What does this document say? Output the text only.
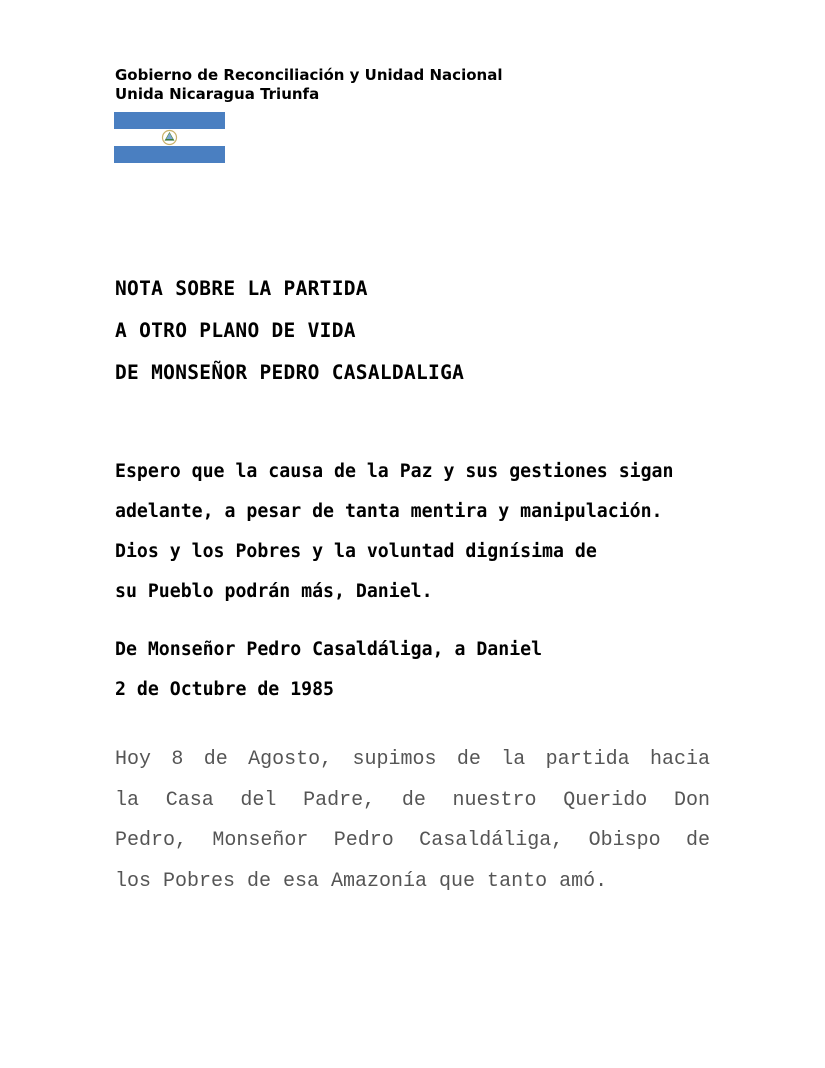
Gobierno de Reconciliación y Unidad Nacional
Unida Nicaragua Triunfa
NOTA SOBRE LA PARTIDA
A OTRO PLANO DE VIDA
DE MONSEÑOR PEDRO CASALDALIGA
Espero que la causa de la Paz y sus gestiones sigan
adelante, a pesar de tanta mentira y manipulación.
Dios y los Pobres y la voluntad dignísima de
su Pueblo podrán más, Daniel.
De Monseñor Pedro Casaldáliga, a Daniel
2 de Octubre de 1985
Hoy 8 de Agosto, supimos de la partida hacia
la Casa del Padre, de nuestro Querido Don
Pedro, Monseñor Pedro Casaldáliga, Obispo de
los Pobres de esa Amazonía que tanto amó.
